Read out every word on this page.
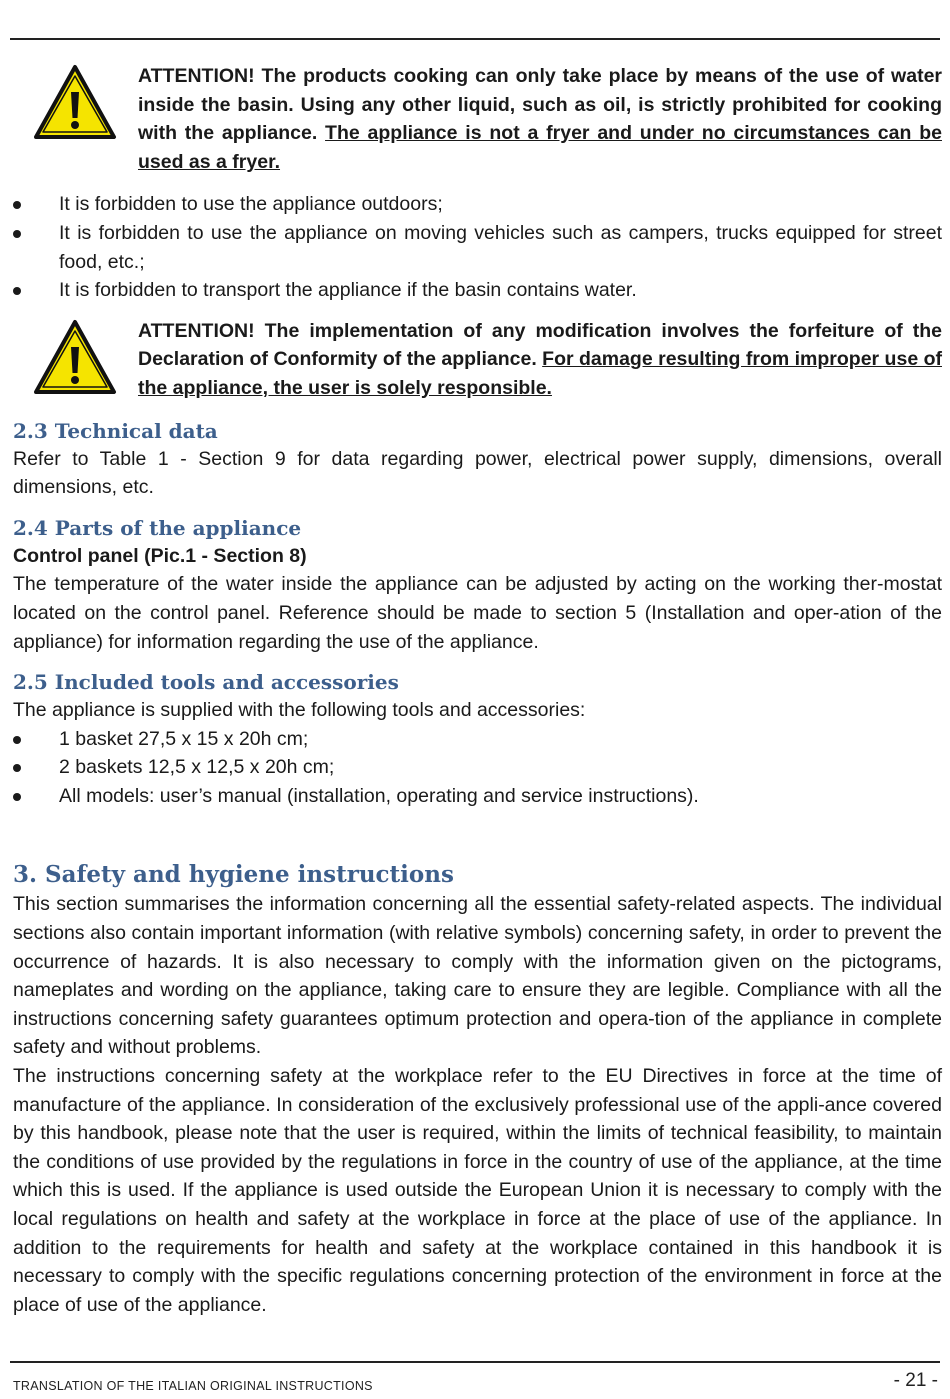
ATTENTION! The products cooking can only take place by means of the use of water inside the basin. Using any other liquid, such as oil, is strictly prohibited for cooking with the appliance. The appliance is not a fryer and under no circumstances can be used as a fryer.
It is forbidden to use the appliance outdoors;
It is forbidden to use the appliance on moving vehicles such as campers, trucks equipped for street food, etc.;
It is forbidden to transport the appliance if the basin contains water.
ATTENTION! The implementation of any modification involves the forfeiture of the Declaration of Conformity of the appliance. For damage resulting from improper use of the appliance, the user is solely responsible.
2.3 Technical data

Refer to Table 1 - Section 9 for data regarding power, electrical power supply, dimensions, overall dimensions, etc.

2.4 Parts of the appliance

Control panel (Pic.1 - Section 8)

The temperature of the water inside the appliance can be adjusted by acting on the working ther-mostat located on the control panel. Reference should be made to section 5 (Installation and oper-ation of the appliance) for information regarding the use of the appliance.

2.5 Included tools and accessories

The appliance is supplied with the following tools and accessories:

1 basket 27,5 x 15 x 20h cm;
2 baskets 12,5 x 12,5 x 20h cm;
All models: user’s manual (installation, operating and service instructions).
3. Safety and hygiene instructions

This section summarises the information concerning all the essential safety-related aspects. The individual sections also contain important information (with relative symbols) concerning safety, in order to prevent the occurrence of hazards. It is also necessary to comply with the information given on the pictograms, nameplates and wording on the appliance, taking care to ensure they are legible. Compliance with all the instructions concerning safety guarantees optimum protection and opera-tion of the appliance in complete safety and without problems.

The instructions concerning safety at the workplace refer to the EU Directives in force at the time of manufacture of the appliance. In consideration of the exclusively professional use of the appli-ance covered by this handbook, please note that the user is required, within the limits of technical feasibility, to maintain the conditions of use provided by the regulations in force in the country of use of the appliance, at the time which this is used. If the appliance is used outside the European Union it is necessary to comply with the local regulations on health and safety at the workplace in force at the place of use of the appliance. In addition to the requirements for health and safety at the workplace contained in this handbook it is necessary to comply with the specific regulations concerning protection of the environment in force at the place of use of the appliance.

TRANSLATION OF THE ITALIAN ORIGINAL INSTRUCTIONS	- 21 -
